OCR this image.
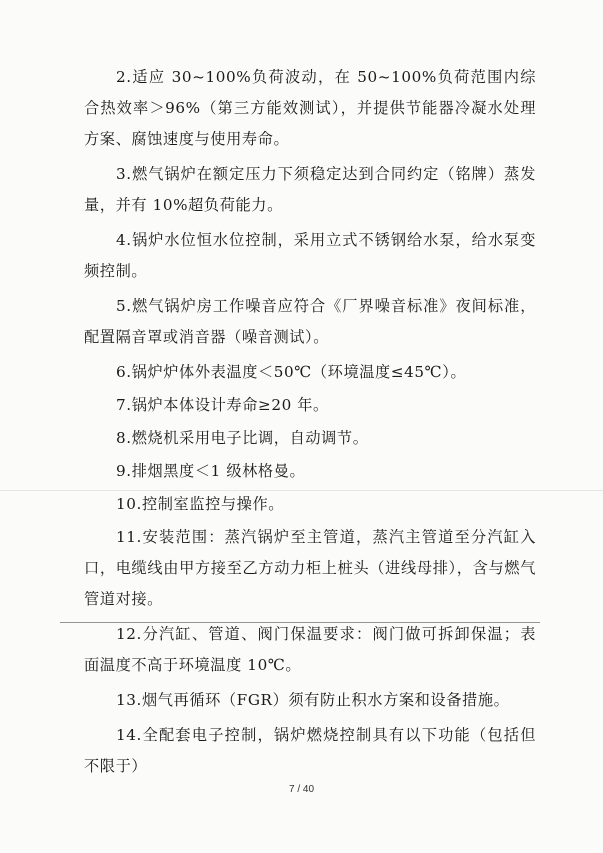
2.适应 30~100%负荷波动，在 50~100%负荷范围内综合热效率＞96%（第三方能效测试），并提供节能器冷凝水处理方案、腐蚀速度与使用寿命。

3.燃气锅炉在额定压力下须稳定达到合同约定（铭牌）蒸发量，并有 10%超负荷能力。

4.锅炉水位恒水位控制，采用立式不锈钢给水泵，给水泵变频控制。

5.燃气锅炉房工作噪音应符合《厂界噪音标准》夜间标准，配置隔音罩或消音器（噪音测试）。

6.锅炉炉体外表温度＜50℃（环境温度≤45℃）。

7.锅炉本体设计寿命≥20 年。

8.燃烧机采用电子比调，自动调节。

9.排烟黑度＜1 级林格曼。

10.控制室监控与操作。

11.安装范围：蒸汽锅炉至主管道，蒸汽主管道至分汽缸入口，电缆线由甲方接至乙方动力柜上桩头（进线母排），含与燃气管道对接。

12.分汽缸、管道、阀门保温要求：阀门做可拆卸保温；表面温度不高于环境温度 10℃。

13.烟气再循环（FGR）须有防止积水方案和设备措施。

14.全配套电子控制，锅炉燃烧控制具有以下功能（包括但不限于）

7 / 40
